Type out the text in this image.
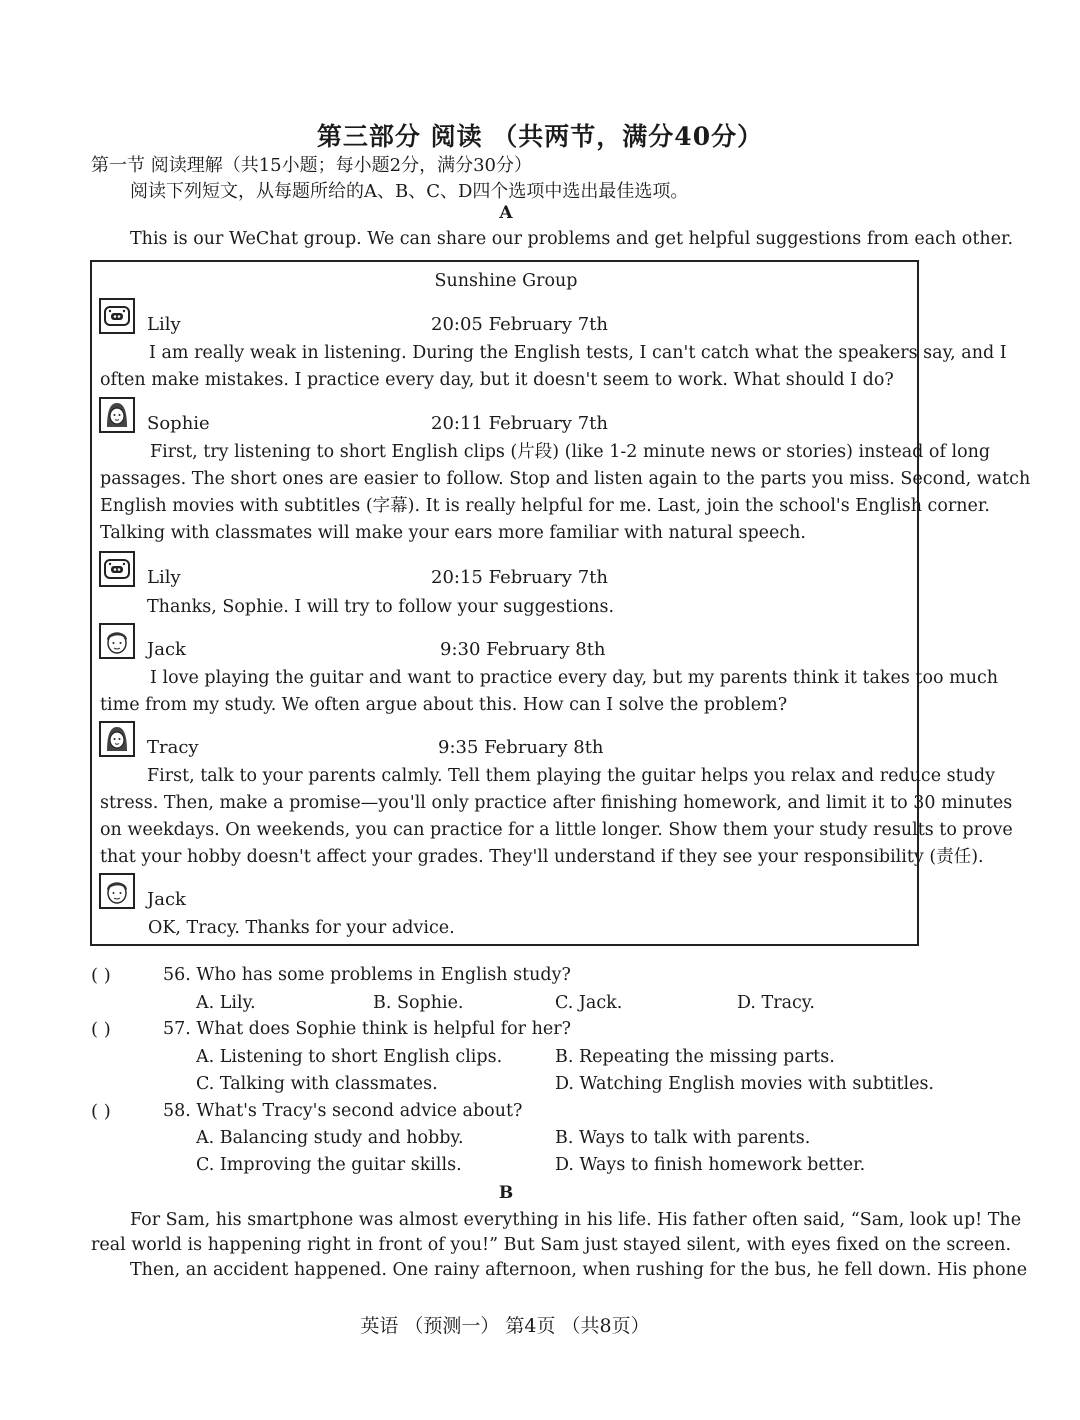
第三部分 阅读 （共两节，满分40分）
第一节 阅读理解（共15小题；每小题2分，满分30分）
阅读下列短文，从每题所给的A、B、C、D四个选项中选出最佳选项。
A
This is our WeChat group. We can share our problems and get helpful suggestions from each other.
Sunshine Group
Lily	20:05 February 7th
I am really weak in listening. During the English tests, I can't catch what the speakers say, and I
often make mistakes. I practice every day, but it doesn't seem to work. What should I do?
Sophie	20:11 February 7th
First, try listening to short English clips (片段) (like 1-2 minute news or stories) instead of long
passages. The short ones are easier to follow. Stop and listen again to the parts you miss. Second, watch
English movies with subtitles (字幕). It is really helpful for me. Last, join the school's English corner.
Talking with classmates will make your ears more familiar with natural speech.
Lily	20:15 February 7th
Thanks, Sophie. I will try to follow your suggestions.
Jack	9:30 February 8th
I love playing the guitar and want to practice every day, but my parents think it takes too much
time from my study. We often argue about this. How can I solve the problem?
Tracy	9:35 February 8th
First, talk to your parents calmly. Tell them playing the guitar helps you relax and reduce study
stress. Then, make a promise—you'll only practice after finishing homework, and limit it to 30 minutes
on weekdays. On weekends, you can practice for a little longer. Show them your study results to prove
that your hobby doesn't affect your grades. They'll understand if they see your responsibility (责任).
Jack
OK, Tracy. Thanks for your advice.
( )	56. Who has some problems in English study?
A. Lily.	B. Sophie.	C. Jack.	D. Tracy.
( )	57. What does Sophie think is helpful for her?
A. Listening to short English clips.	B. Repeating the missing parts.
C. Talking with classmates.	D. Watching English movies with subtitles.
( )	58. What's Tracy's second advice about?
A. Balancing study and hobby.	B. Ways to talk with parents.
C. Improving the guitar skills.	D. Ways to finish homework better.
B
For Sam, his smartphone was almost everything in his life. His father often said, “Sam, look up! The
real world is happening right in front of you!” But Sam just stayed silent, with eyes fixed on the screen.
Then, an accident happened. One rainy afternoon, when rushing for the bus, he fell down. His phone
英语 （预测一） 第4页 （共8页）
